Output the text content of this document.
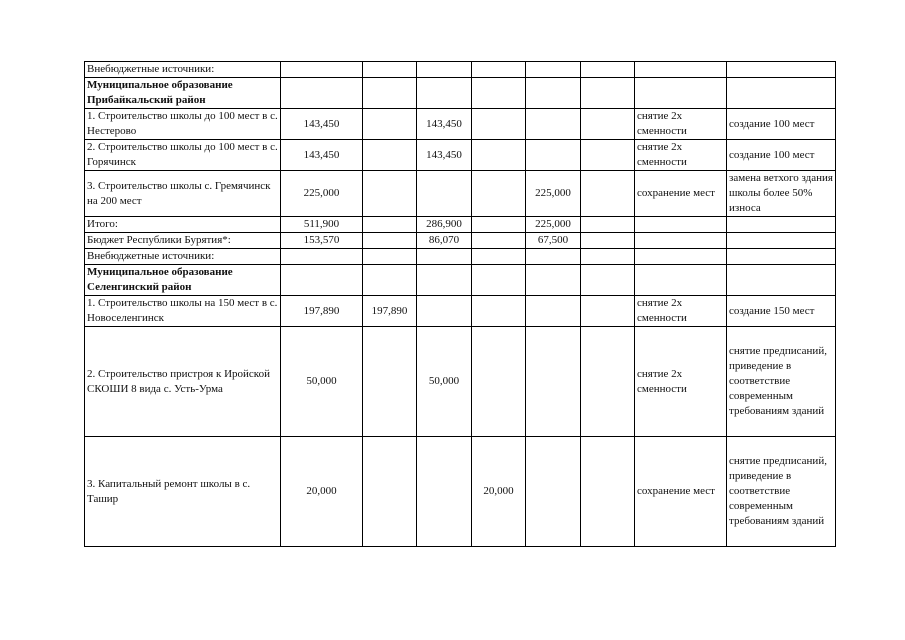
Внебюджетные источники:								
Муниципальное образование Прибайкальский район								
1. Строительство школы до 100 мест в с. Нестерово	143,450		143,450				снятие 2х сменности	создание 100 мест
2. Строительство школы до 100 мест в с. Горячинск	143,450		143,450				снятие 2х сменности	создание 100 мест
3. Строительство школы с. Гремячинск на 200 мест	225,000				225,000		сохранение мест	замена ветхого здания школы более 50% износа
Итого:	511,900		286,900		225,000			
Бюджет Республики Бурятия*:	153,570		86,070		67,500			
Внебюджетные источники:								
Муниципальное образование Селенгинский район								
1. Строительство школы на 150 мест в с. Новоселенгинск	197,890	197,890					снятие 2х сменности	создание 150 мест
2. Строительство пристроя к Иройской СКОШИ 8 вида с. Усть-Урма	50,000		50,000				снятие 2х сменности	снятие предписаний, приведение в соответствие современным требованиям зданий
3. Капитальный ремонт школы в с. Ташир	20,000			20,000			сохранение мест	снятие предписаний, приведение в соответствие современным требованиям зданий
